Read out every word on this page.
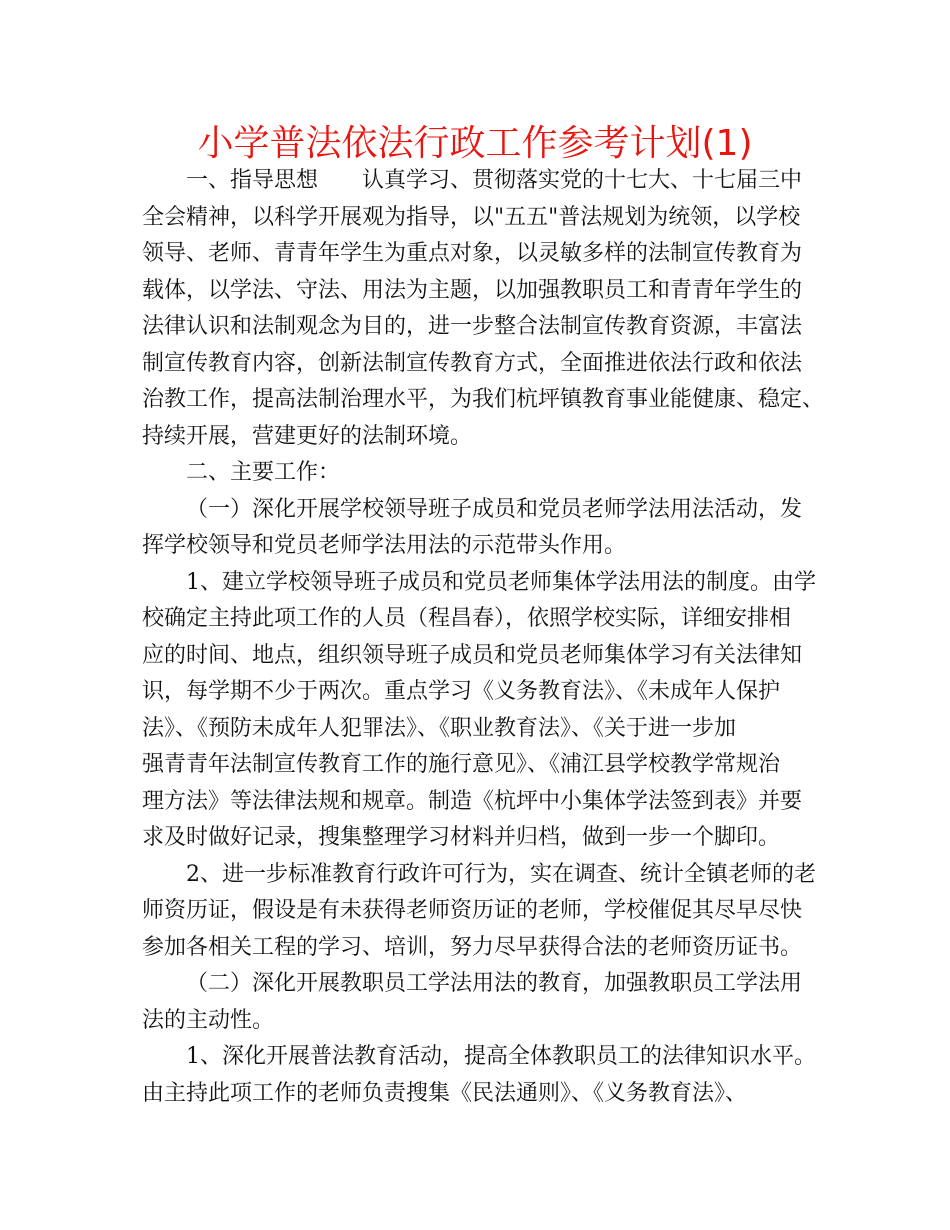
小学普法依法行政工作参考计划(1)
一、指导思想　　认真学习、贯彻落实党的十七大、十七届三中
全会精神，以科学开展观为指导，以"五五"普法规划为统领，以学校
领导、老师、青青年学生为重点对象，以灵敏多样的法制宣传教育为
载体，以学法、守法、用法为主题，以加强教职员工和青青年学生的
法律认识和法制观念为目的，进一步整合法制宣传教育资源，丰富法
制宣传教育内容，创新法制宣传教育方式，全面推进依法行政和依法
治教工作，提高法制治理水平，为我们杭坪镇教育事业能健康、稳定、
持续开展，营建更好的法制环境。
二、主要工作：
（一）深化开展学校领导班子成员和党员老师学法用法活动，发
挥学校领导和党员老师学法用法的示范带头作用。
1、建立学校领导班子成员和党员老师集体学法用法的制度。由学
校确定主持此项工作的人员（程昌春），依照学校实际，详细安排相
应的时间、地点，组织领导班子成员和党员老师集体学习有关法律知
识，每学期不少于两次。重点学习《义务教育法》、《未成年人保护
法》、《预防未成年人犯罪法》、《职业教育法》、《关于进一步加
强青青年法制宣传教育工作的施行意见》、《浦江县学校教学常规治
理方法》等法律法规和规章。制造《杭坪中小集体学法签到表》并要
求及时做好记录，搜集整理学习材料并归档，做到一步一个脚印。
2、进一步标准教育行政许可行为，实在调查、统计全镇老师的老
师资历证，假设是有未获得老师资历证的老师，学校催促其尽早尽快
参加各相关工程的学习、培训，努力尽早获得合法的老师资历证书。
（二）深化开展教职员工学法用法的教育，加强教职员工学法用
法的主动性。
1、深化开展普法教育活动，提高全体教职员工的法律知识水平。
由主持此项工作的老师负责搜集《民法通则》、《义务教育法》、
